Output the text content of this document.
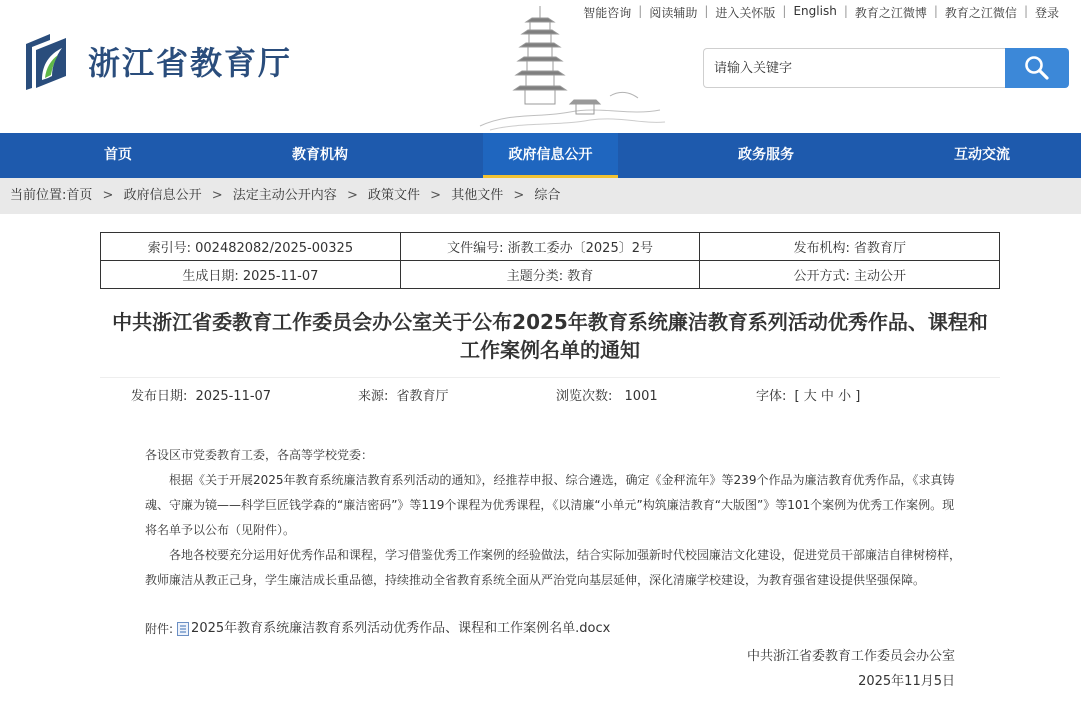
浙江省教育厅
智能咨询 | 阅读辅助 | 进入关怀版 | English | 教育之江微博 | 教育之江微信 | 登录
请输入关键字
首页	教育机构	政府信息公开	政务服务	互动交流
当前位置:首页 > 政府信息公开 > 法定主动公开内容 > 政策文件 > 其他文件 > 综合
索引号: 002482082/2025-00325	文件编号: 浙教工委办〔2025〕2号	发布机构: 省教育厅
生成日期: 2025-11-07	主题分类: 教育	公开方式: 主动公开
中共浙江省委教育工作委员会办公室关于公布2025年教育系统廉洁教育系列活动优秀作品、课程和工作案例名单的通知
发布日期: 2025-11-07	来源: 省教育厅	浏览次数: 1001	字体: [ 大 中 小 ]

各设区市党委教育工委，各高等学校党委：

根据《关于开展2025年教育系统廉洁教育系列活动的通知》，经推荐申报、综合遴选，确定《金秤流年》等239个作品为廉洁教育优秀作品，《求真铸魂、守廉为镜——科学巨匠钱学森的“廉洁密码”》等119个课程为优秀课程，《以清廉“小单元”构筑廉洁教育“大版图”》等101个案例为优秀工作案例。现将名单予以公布（见附件）。

各地各校要充分运用好优秀作品和课程，学习借鉴优秀工作案例的经验做法，结合实际加强新时代校园廉洁文化建设，促进党员干部廉洁自律树榜样，教师廉洁从教正己身，学生廉洁成长重品德，持续推动全省教育系统全面从严治党向基层延伸，深化清廉学校建设，为教育强省建设提供坚强保障。

附件: 2025年教育系统廉洁教育系列活动优秀作品、课程和工作案例名单.docx
中共浙江省委教育工作委员会办公室
2025年11月5日
